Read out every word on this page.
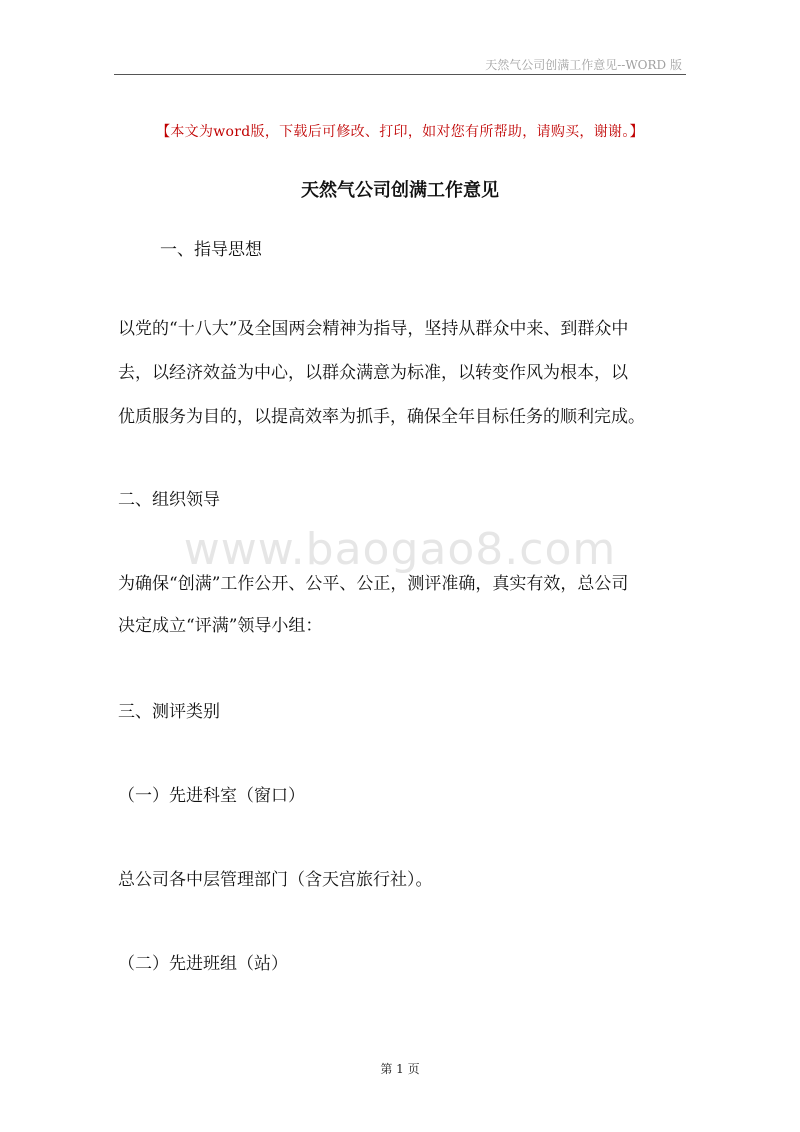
天然气公司创满工作意见--WORD 版
【本文为word版，下载后可修改、打印，如对您有所帮助，请购买，谢谢。】
天然气公司创满工作意见
一、指导思想
以党的“十八大”及全国两会精神为指导，坚持从群众中来、到群众中
去，以经济效益为中心，以群众满意为标准，以转变作风为根本，以
优质服务为目的，以提高效率为抓手，确保全年目标任务的顺利完成。
二、组织领导
www.baogao8.com
为确保“创满”工作公开、公平、公正，测评准确，真实有效，总公司
决定成立“评满”领导小组：
三、测评类别
（一）先进科室（窗口）
总公司各中层管理部门（含天宫旅行社）。
（二）先进班组（站）
第 1 页
